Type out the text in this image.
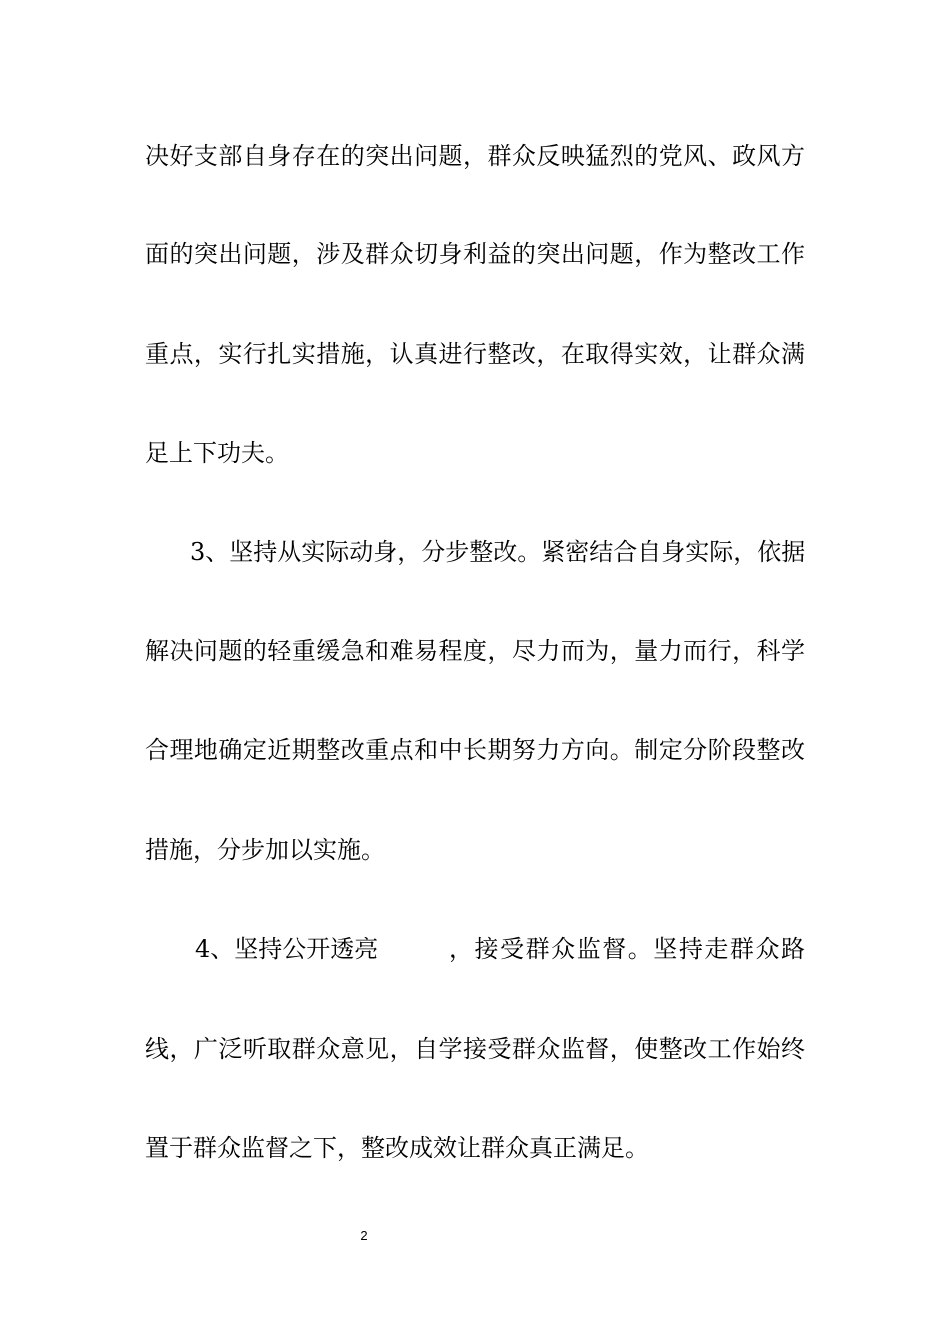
决好支部自身存在的突出问题，群众反映猛烈的党风、政风方
面的突出问题，涉及群众切身利益的突出问题，作为整改工作
重点，实行扎实措施，认真进行整改，在取得实效，让群众满
足上下功夫。
3、坚持从实际动身，分步整改。紧密结合自身实际，依据
解决问题的轻重缓急和难易程度，尽力而为，量力而行，科学
合理地确定近期整改重点和中长期努力方向。制定分阶段整改
措施，分步加以实施。
4、坚持公开透亮	，接受群众监督。坚持走群众路
线，广泛听取群众意见，自学接受群众监督，使整改工作始终
置于群众监督之下，整改成效让群众真正满足。
2
